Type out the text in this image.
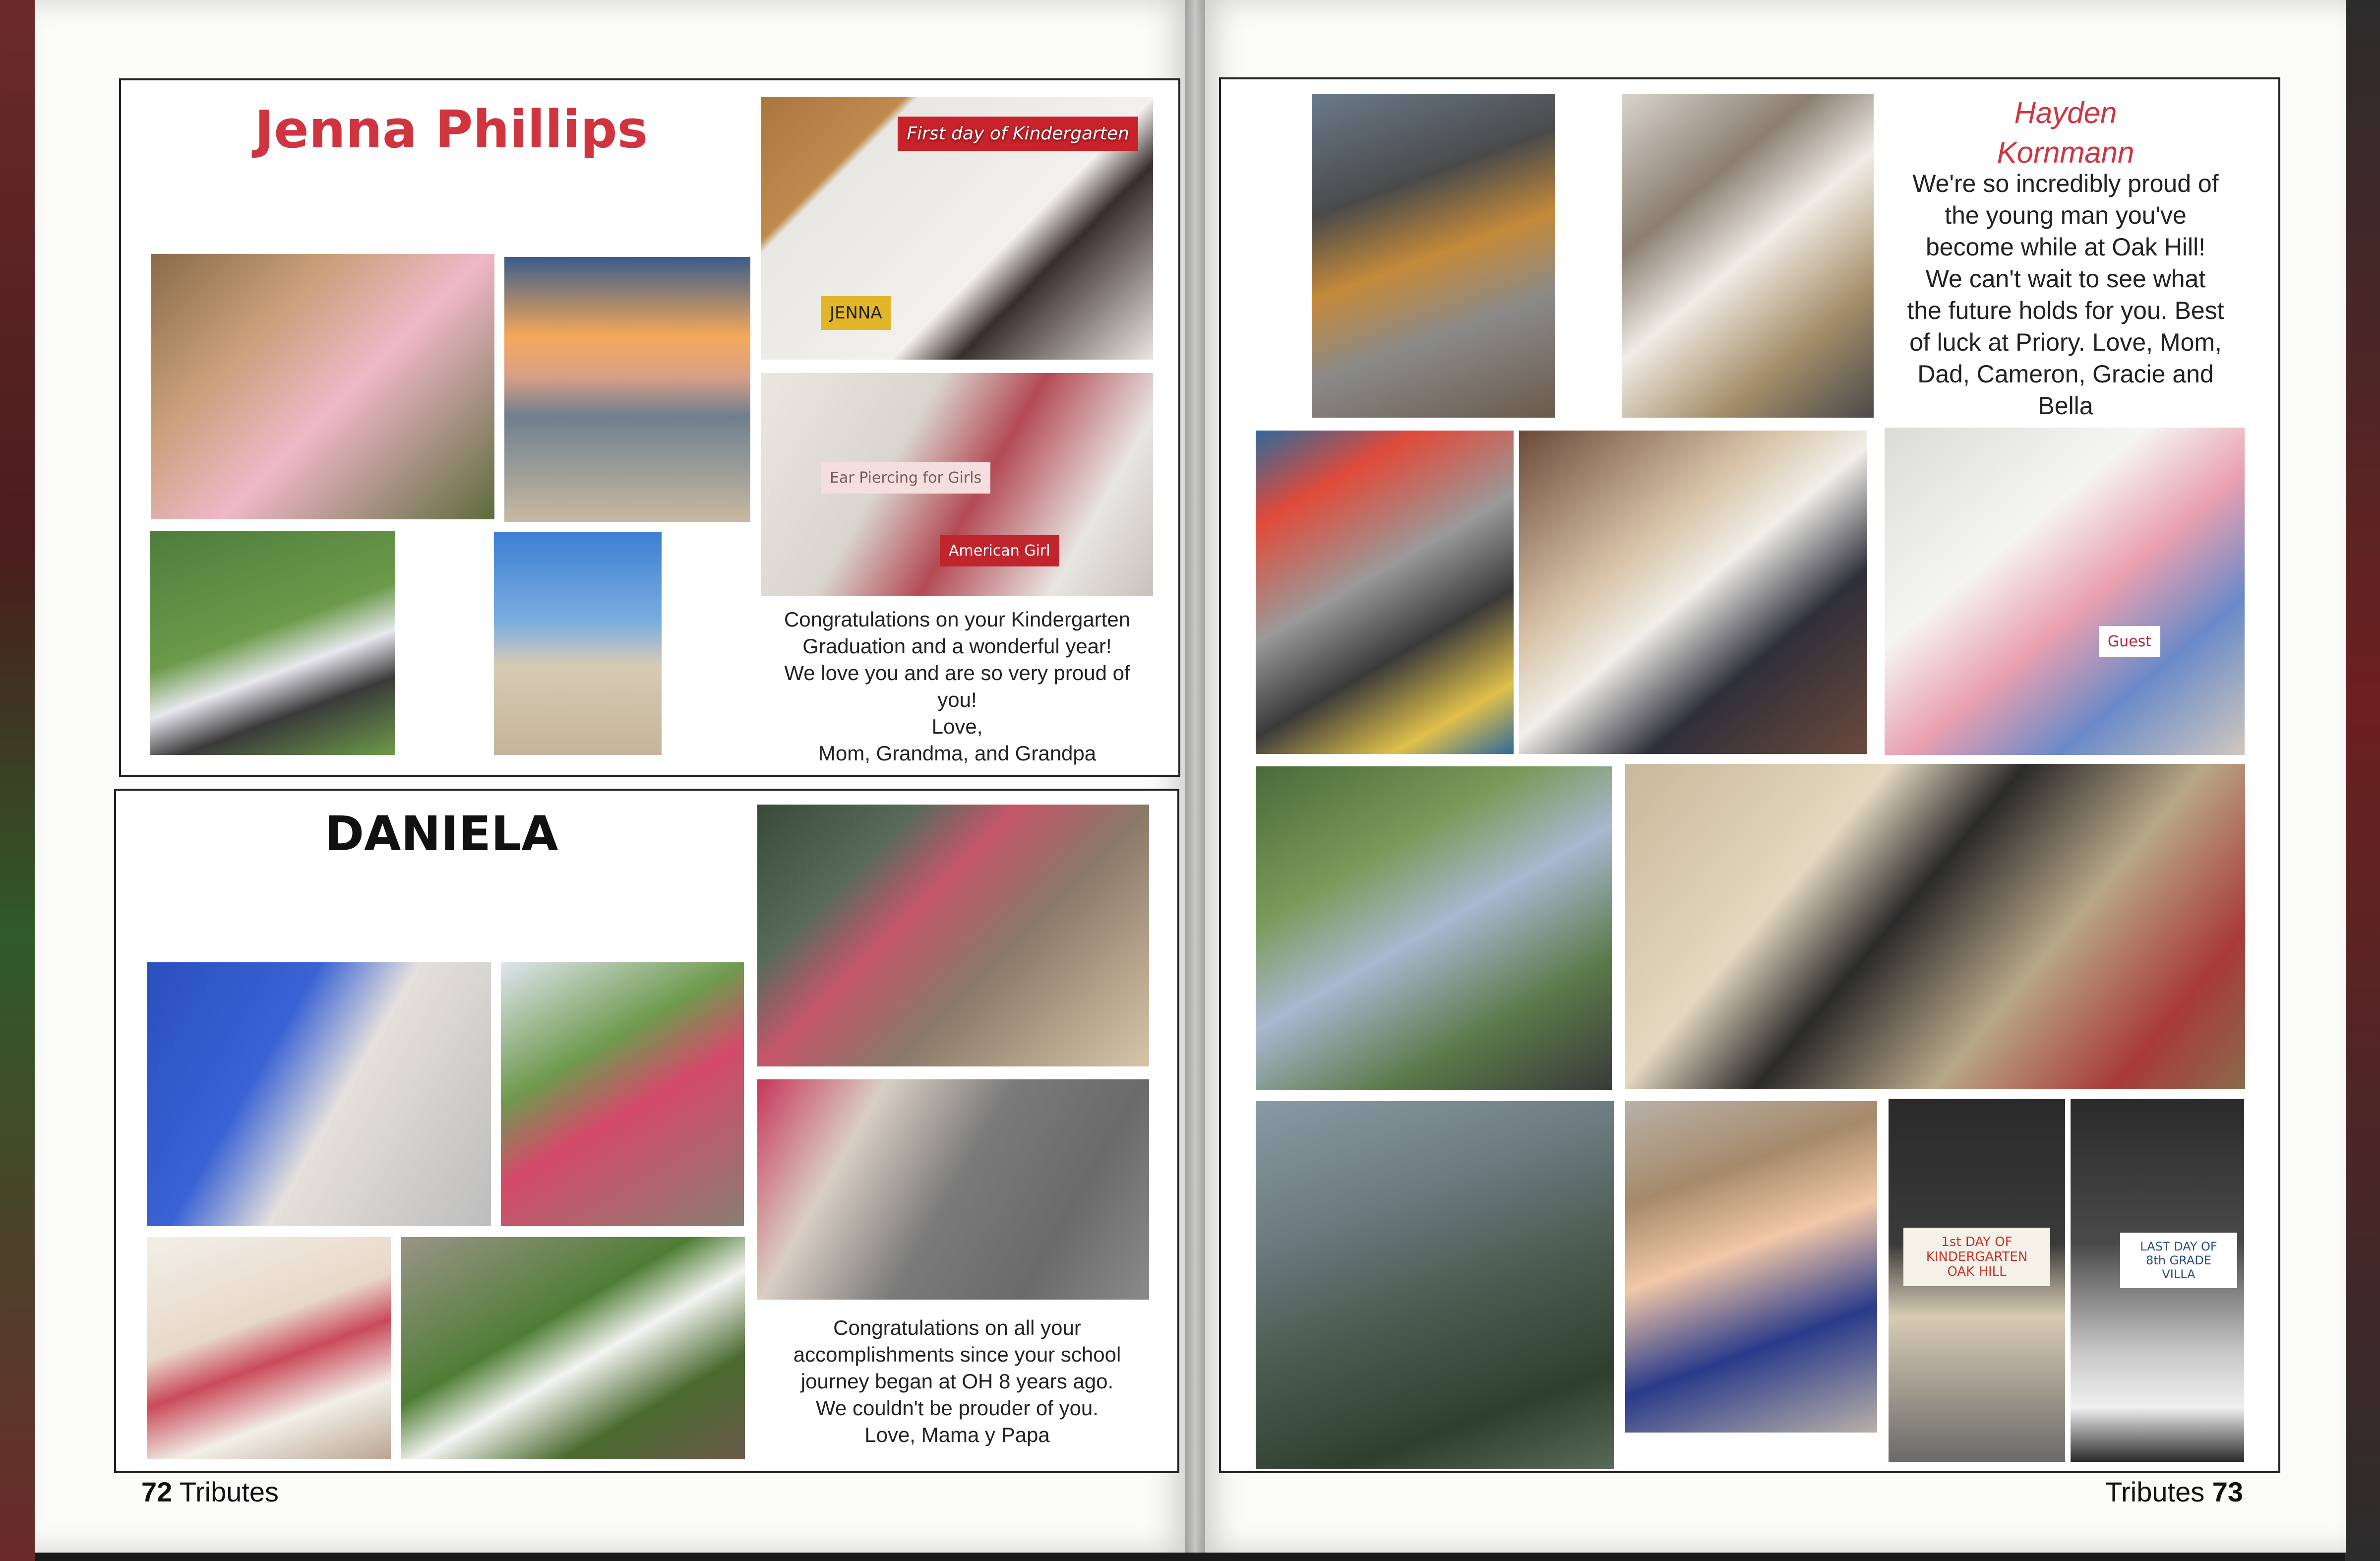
Jenna Phillips	First day of Kindergarten
JENNA
Ear Piercing for Girls
American Girl
Congratulations on your Kindergarten
Graduation and a wonderful year!
We love you and are so very proud of
you!
Love,
Mom, Grandma, and Grandpa
DANIELA
Congratulations on all your
accomplishments since your school
journey began at OH 8 years ago.
We couldn't be prouder of you.
Love, Mama y Papa
72 Tributes
Hayden
Kornmann
We're so incredibly proud of
the young man you've
become while at Oak Hill!
We can't wait to see what
the future holds for you. Best
of luck at Priory. Love, Mom,
Dad, Cameron, Gracie and
Bella
Guest
1st DAY OF KINDERGARTEN OAK HILL
LAST DAY OF 8th GRADE VILLA
Tributes 73
